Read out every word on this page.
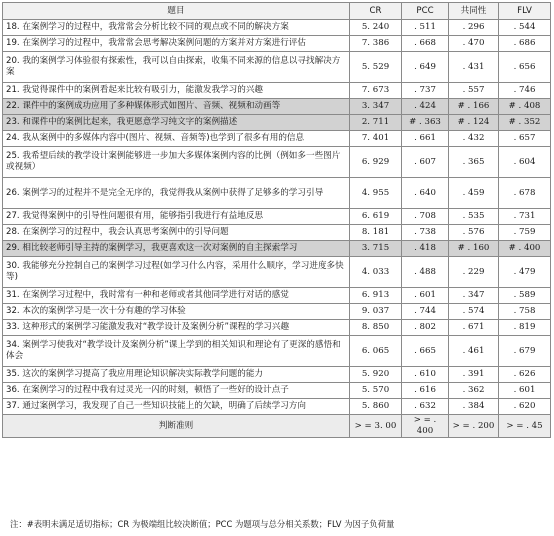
题目	CR	PCC	共同性	FLV
18. 在案例学习的过程中，我常常会分析比较不同的观点或不同的解决方案	5. 240	. 511	. 296	. 544
19. 在案例学习的过程中，我常常会思考解决案例问题的方案并对方案进行评估	7. 386	. 668	. 470	. 686
20. 我的案例学习体验很有探索性，我可以自由探索，收集不同来源的信息以寻找解决方案	5. 529	. 649	. 431	. 656
21. 我觉得课件中的案例看起来比较有吸引力，能激发我学习的兴趣	7. 673	. 737	. 557	. 746
22. 课件中的案例成功应用了多种媒体形式如图片、音频、视频和动画等	3. 347	. 424	# . 166	# . 408
23. 和课件中的案例比起来，我更愿意学习纯文字的案例描述	2. 711	# . 363	# . 124	# . 352
24. 我从案例中的多媒体内容中(图片、视频、音频等)也学到了很多有用的信息	7. 401	. 661	. 432	. 657
25. 我希望后续的教学设计案例能够进一步加大多媒体案例内容的比例（例如多一些图片或视频）	6. 929	. 607	. 365	. 604
26. 案例学习的过程并不是完全无序的，我觉得我从案例中获得了足够多的学习引导	4. 955	. 640	. 459	. 678
27. 我觉得案例中的引导性问题很有用，能够指引我进行有益地反思	6. 619	. 708	. 535	. 731
28. 在案例学习的过程中，我会认真思考案例中的引导问题	8. 181	. 738	. 576	. 759
29. 相比较老师引导主持的案例学习，我更喜欢这一次对案例的自主探索学习	3. 715	. 418	# . 160	# . 400
30. 我能够充分控制自己的案例学习过程(如学习什么内容，采用什么顺序，学习进度多快等)	4. 033	. 488	. 229	. 479
31. 在案例学习过程中，我时常有一种和老师或者其他同学进行对话的感觉	6. 913	. 601	. 347	. 589
32. 本次的案例学习是一次十分有趣的学习体验	9. 037	. 744	. 574	. 758
33. 这种形式的案例学习能激发我对“教学设计及案例分析”课程的学习兴趣	8. 850	. 802	. 671	. 819
34. 案例学习使我对“教学设计及案例分析”课上学到的相关知识和理论有了更深的感悟和体会	6. 065	. 665	. 461	. 679
35. 这次的案例学习提高了我应用理论知识解决实际教学问题的能力	5. 920	. 610	. 391	. 626
36. 在案例学习的过程中我有过灵光一闪的时刻，顿悟了一些好的设计点子	5. 570	. 616	. 362	. 601
37. 通过案例学习，我发现了自己一些知识技能上的欠缺，明确了后续学习方向	5. 860	. 632	. 384	. 620
判断准则	> = 3. 00	> = . 400	> = . 200	> = . 45
注：#表明未满足适切指标；CR 为极端组比较决断值；PCC 为题项与总分相关系数；FLV 为因子负荷量
